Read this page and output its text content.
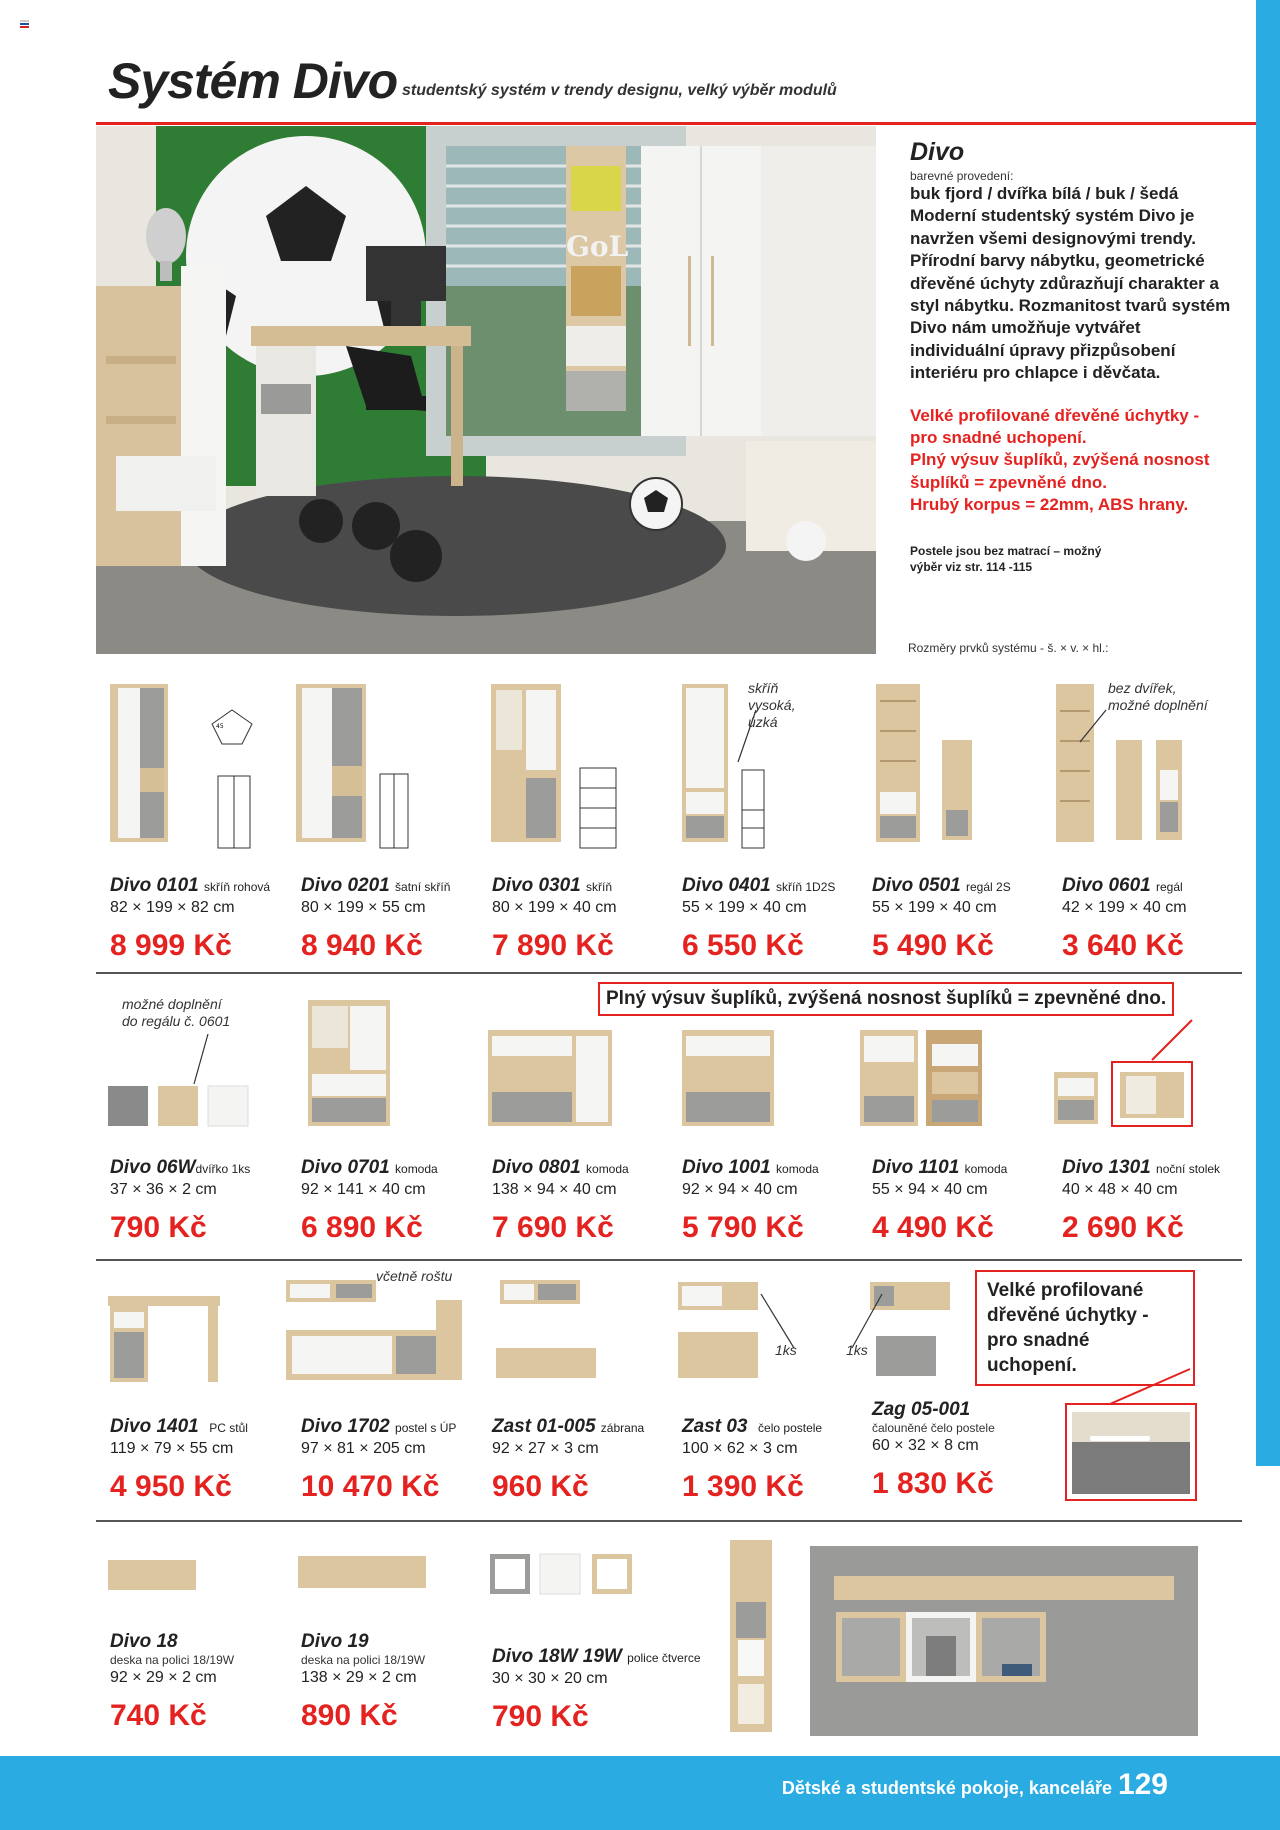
Systém Divo studentský systém v trendy designu, velký výběr modulů
GoL
Divo
barevné provedení:
buk fjord / dvířka bílá / buk / šedá
Moderní studentský systém Divo je
navržen všemi designovými trendy.
Přírodní barvy nábytku, geometrické
dřevěné úchyty zdůrazňují charakter a
styl nábytku. Rozmanitost tvarů systém
Divo nám umožňuje vytvářet
individuální úpravy přizpůsobení
interiéru pro chlapce i děvčata.
Velké profilované dřevěné úchytky -
pro snadné uchopení.
Plný výsuv šuplíků, zvýšená nosnost
šuplíků = zpevněné dno.
Hrubý korpus = 22mm, ABS hrany.
Postele jsou bez matrací – možný
výběr viz str. 114 -115
Rozměry prvků systému - š. × v. × hl.:
45
skříň
vysoká,
úzká
bez dvířek,
možné doplnění
Divo 0101 skříň rohová
82 × 199 × 82 cm
8 999 Kč
Divo 0201 šatní skříň
80 × 199 × 55 cm
8 940 Kč
Divo 0301 skříň
80 × 199 × 40 cm
7 890 Kč
Divo 0401 skříň 1D2S
55 × 199 × 40 cm
6 550 Kč
Divo 0501 regál 2S
55 × 199 × 40 cm
5 490 Kč
Divo 0601 regál
42 × 199 × 40 cm
3 640 Kč
možné doplnění
do regálu č. 0601
Plný výsuv šuplíků, zvýšená nosnost šuplíků = zpevněné dno.
Divo 06Wdvířko 1ks
37 × 36 × 2 cm
790 Kč
Divo 0701 komoda
92 × 141 × 40 cm
6 890 Kč
Divo 0801 komoda
138 × 94 × 40 cm
7 690 Kč
Divo 1001 komoda
92 × 94 × 40 cm
5 790 Kč
Divo 1101 komoda
55 × 94 × 40 cm
4 490 Kč
Divo 1301 noční stolek
40 × 48 × 40 cm
2 690 Kč
včetně roštu
1ks	1ks
Velké profilované
dřevěné úchytky -
pro snadné uchopení.
Divo 1401 PC stůl
119 × 79 × 55 cm
4 950 Kč
Divo 1702 postel s ÚP
97 × 81 × 205 cm
10 470 Kč
Zast 01-005 zábrana
92 × 27 × 3 cm
960 Kč
Zast 03 čelo postele
100 × 62 × 3 cm
1 390 Kč
Zag 05-001
čalouněné čelo postele
60 × 32 × 8 cm
1 830 Kč
Divo 18
deska na polici 18/19W
92 × 29 × 2 cm
740 Kč
Divo 19
deska na polici 18/19W
138 × 29 × 2 cm
890 Kč
Divo 18W 19W police čtverce
30 × 30 × 20 cm
790 Kč
Dětské a studentské pokoje, kanceláře 129
